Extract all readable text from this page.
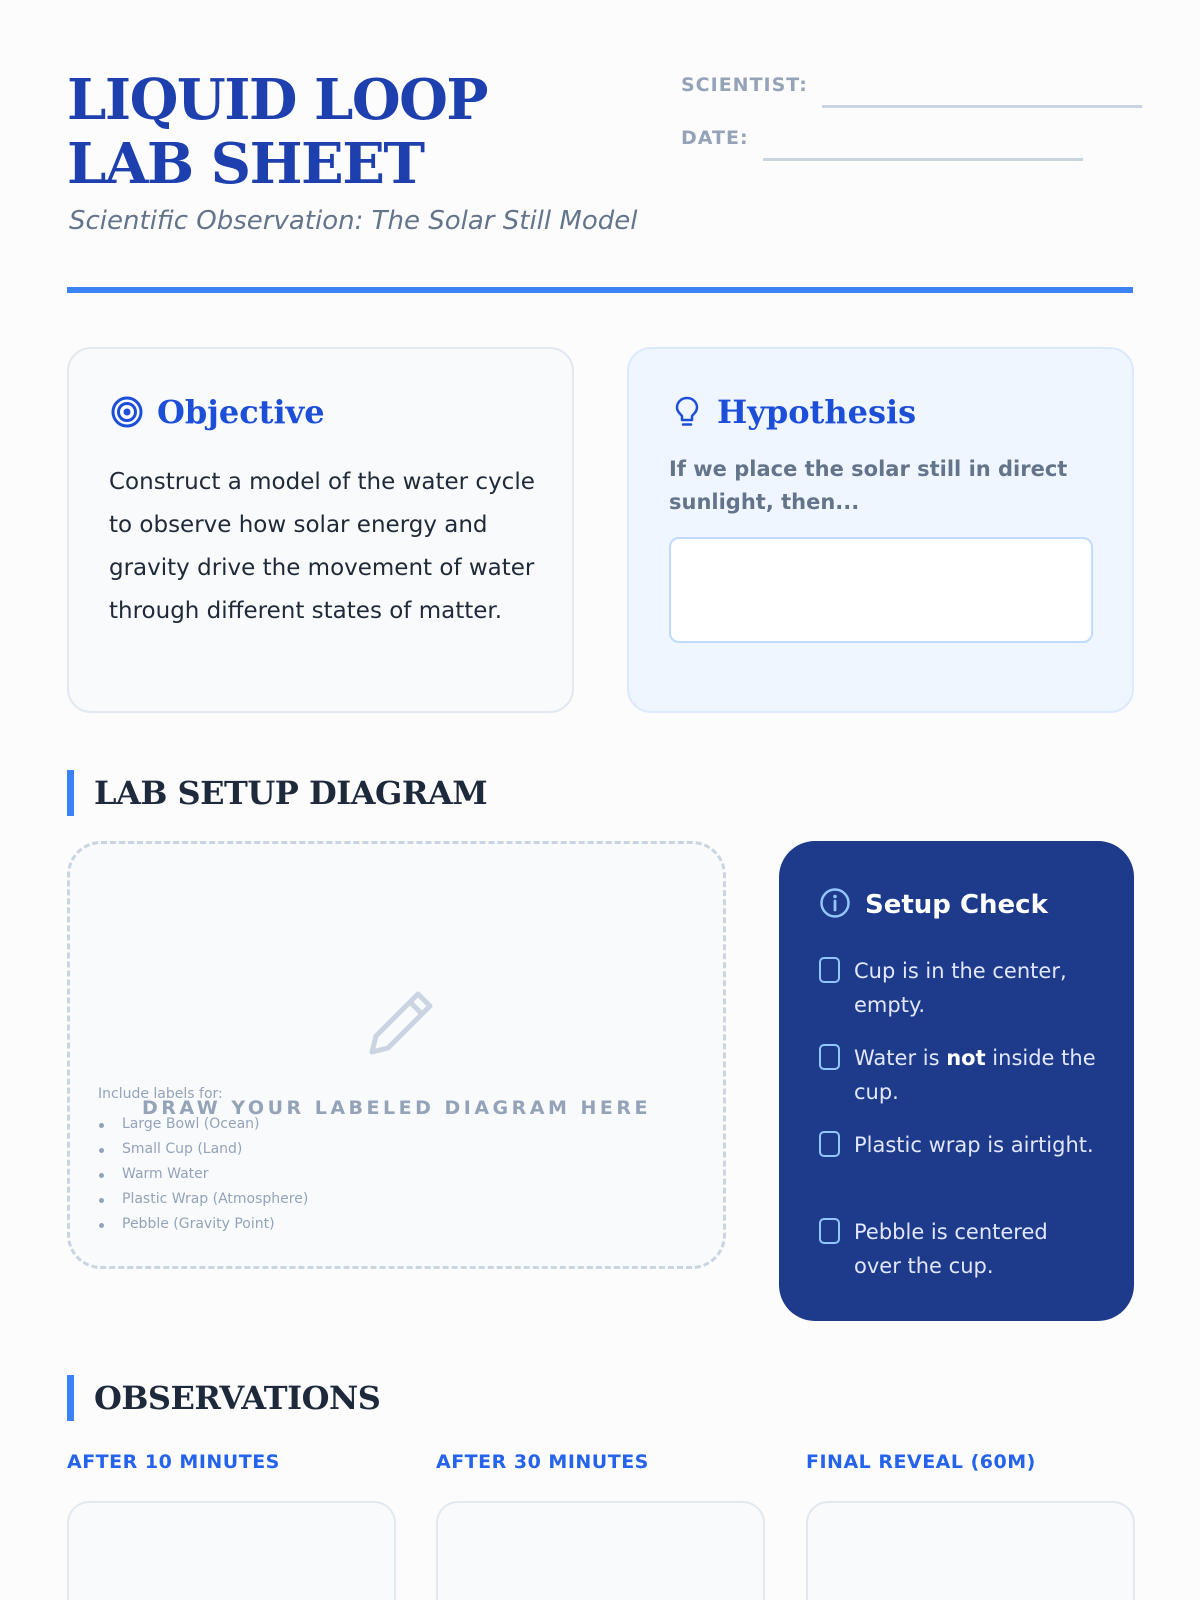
LIQUID LOOP LAB SHEET
Scientific Observation: The Solar Still Model
SCIENTIST:
DATE:
Objective

Construct a model of the water cycle to observe how solar energy and gravity drive the movement of water through different states of matter.

Hypothesis

If we place the solar still in direct sunlight, then...

LAB SETUP DIAGRAM
DRAW YOUR LABELED DIAGRAM HERE
Include labels for:
Large Bowl (Ocean)
Small Cup (Land)
Warm Water
Plastic Wrap (Atmosphere)
Pebble (Gravity Point)
Setup Check
Cup is in the center, empty.
Water is not inside the cup.
Plastic wrap is airtight.
Pebble is centered over the cup.
OBSERVATIONS
AFTER 10 MINUTES	AFTER 30 MINUTES	FINAL REVEAL (60M)
